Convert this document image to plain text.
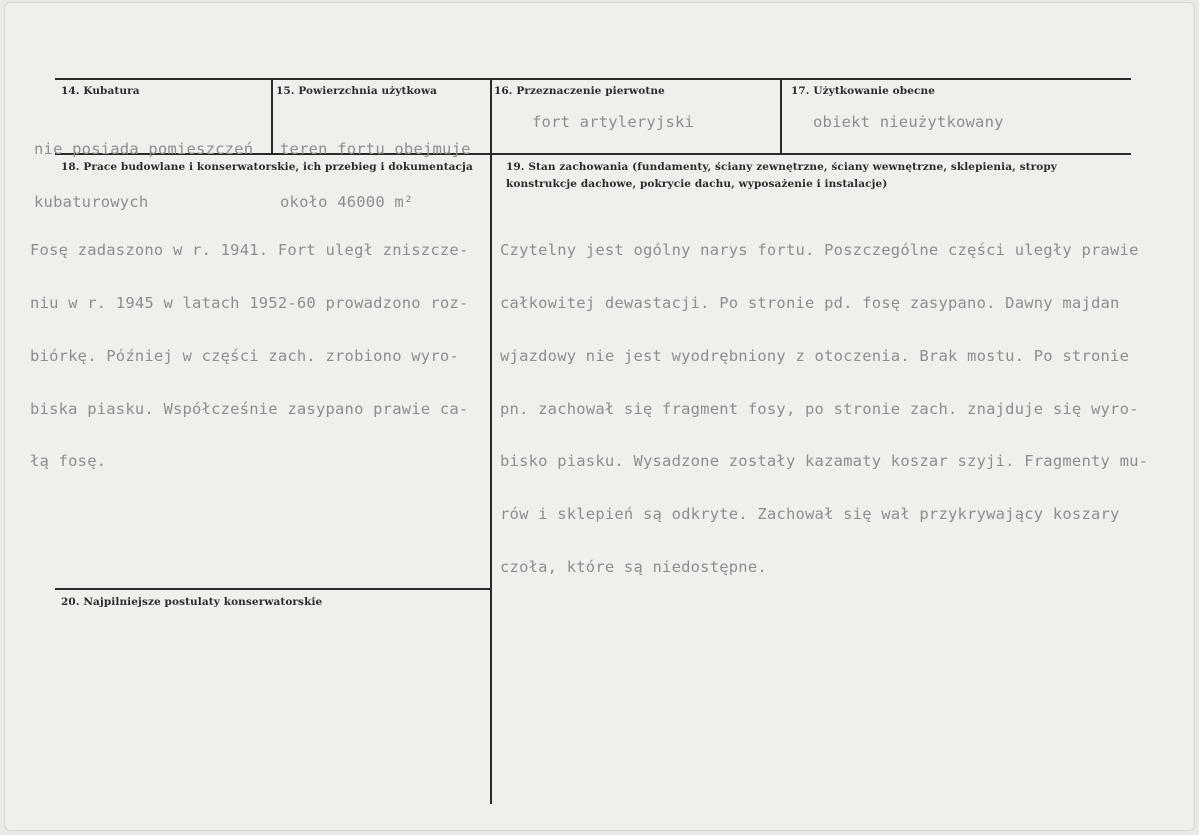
14. Kubatura

nie posiada pomieszczeń

kubaturowych

15. Powierzchnia użytkowa

teren fortu obejmuje

około 46000 m²

16. Przeznaczenie pierwotne
fort artyleryjski
17. Użytkowanie obecne
obiekt nieużytkowany
18. Prace budowlane i konserwatorskie, ich przebieg i dokumentacja

Fosę zadaszono w r. 1941. Fort uległ zniszcze-

niu w r. 1945 w latach 1952-60 prowadzono roz-

biórkę. Później w części zach. zrobiono wyro-

biska piasku. Współcześnie zasypano prawie ca-

łą fosę.

19. Stan zachowania (fundamenty, ściany zewnętrzne, ściany wewnętrzne, sklepienia, stropy
konstrukcje dachowe, pokrycie dachu, wyposażenie i instalacje)

Czytelny jest ogólny narys fortu. Poszczególne części uległy prawie

całkowitej dewastacji. Po stronie pd. fosę zasypano. Dawny majdan

wjazdowy nie jest wyodrębniony z otoczenia. Brak mostu. Po stronie

pn. zachował się fragment fosy, po stronie zach. znajduje się wyro-

bisko piasku. Wysadzone zostały kazamaty koszar szyji. Fragmenty mu-

rów i sklepień są odkryte. Zachował się wał przykrywający koszary

czoła, które są niedostępne.

20. Najpilniejsze postulaty konserwatorskie
